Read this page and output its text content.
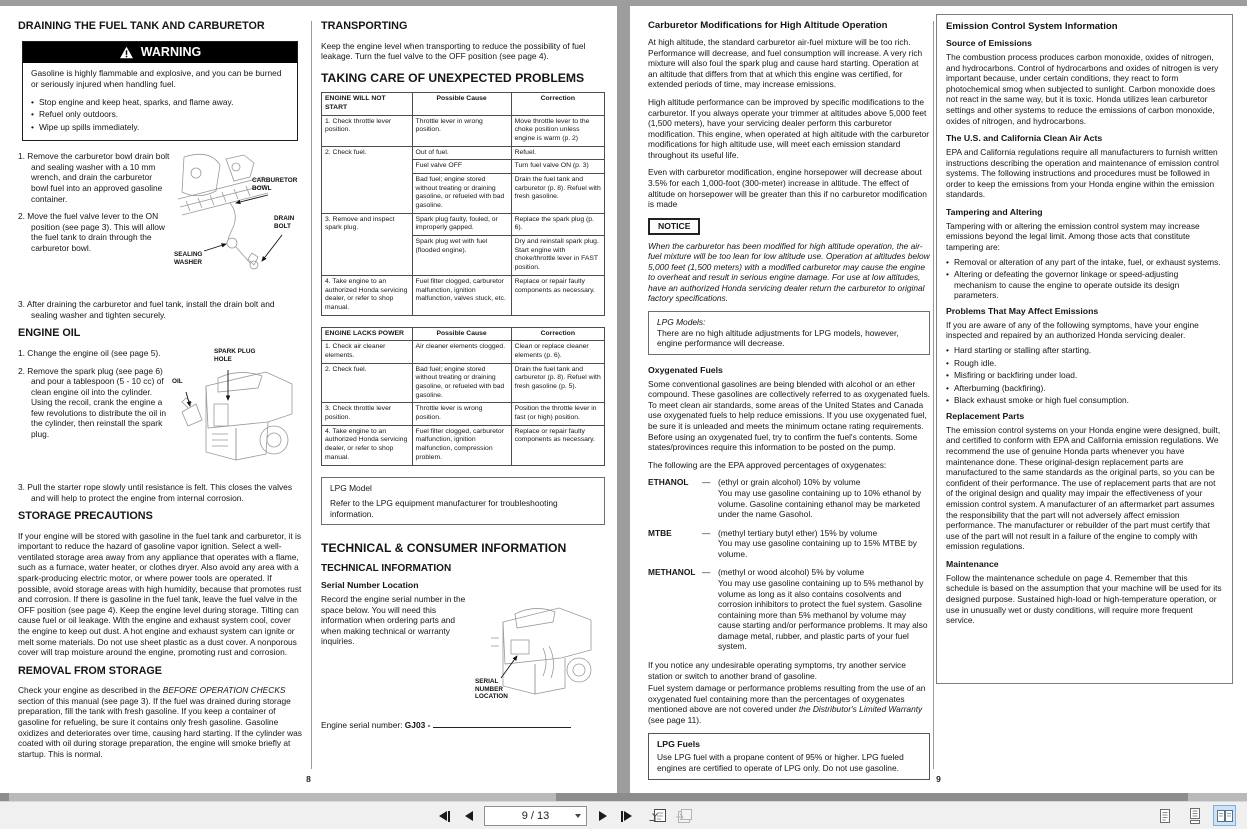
DRAINING THE FUEL TANK AND CARBURETOR
WARNING

Gasoline is highly flammable and explosive, and you can be burned or seriously injured when handling fuel.

• Stop engine and keep heat, sparks, and flame away.
• Refuel only outdoors.
• Wipe up spills immediately.
1. Remove the carburetor bowl drain bolt and sealing washer with a 10 mm wrench, and drain the carburetor bowl fuel into an approved gasoline container.
2. Move the fuel valve lever to the ON position (see page 3). This will allow the fuel tank to drain through the carburetor bowl.
CARBURETOR BOWL
DRAIN BOLT
SEALING WASHER
3. After draining the carburetor and fuel tank, install the drain bolt and sealing washer and tighten securely.
ENGINE OIL
1. Change the engine oil (see page 5).
2. Remove the spark plug (see page 6) and pour a tablespoon (5 - 10 cc) of clean engine oil into the cylinder. Using the recoil, crank the engine a few revolutions to distribute the oil in the cylinder, then reinstall the spark plug.
SPARK PLUG HOLE
OIL
3. Pull the starter rope slowly until resistance is felt. This closes the valves and will help to protect the engine from internal corrosion.
STORAGE PRECAUTIONS

If your engine will be stored with gasoline in the fuel tank and carburetor, it is important to reduce the hazard of gasoline vapor ignition. Select a well-ventilated storage area away from any appliance that operates with a flame, such as a furnace, water heater, or clothes dryer. Also avoid any area with a spark-producing electric motor, or where power tools are operated. If possible, avoid storage areas with high humidity, because that promotes rust and corrosion. If there is gasoline in the fuel tank, leave the fuel valve in the OFF position (see page 4). Keep the engine level during storage. Tilting can cause fuel or oil leakage. With the engine and exhaust system cool, cover the engine to keep out dust. A hot engine and exhaust system can ignite or melt some materials. Do not use sheet plastic as a dust cover. A nonporous cover will trap moisture around the engine, promoting rust and corrosion.

REMOVAL FROM STORAGE

Check your engine as described in the BEFORE OPERATION CHECKS section of this manual (see page 3). If the fuel was drained during storage preparation, fill the tank with fresh gasoline. If you keep a container of gasoline for refueling, be sure it contains only fresh gasoline. Gasoline oxidizes and deteriorates over time, causing hard starting. If the cylinder was coated with oil during storage preparation, the engine will smoke briefly at startup. This is normal.

TRANSPORTING

Keep the engine level when transporting to reduce the possibility of fuel leakage. Turn the fuel valve to the OFF position (see page 4).

TAKING CARE OF UNEXPECTED PROBLEMS
ENGINE WILL NOT START	Possible Cause	Correction
1. Check throttle lever position.	Throttle lever in wrong position.	Move throttle lever to the choke position unless engine is warm (p. 2)
2. Check fuel.	Out of fuel.	Refuel.
	Fuel valve OFF	Turn fuel valve ON (p. 3)
	Bad fuel; engine stored without treating or draining gasoline, or refueled with bad gasoline.	Drain the fuel tank and carburetor (p. 8). Refuel with fresh gasoline.
3. Remove and inspect spark plug.	Spark plug faulty, fouled, or improperly gapped.	Replace the spark plug (p. 6).
	Spark plug wet with fuel (flooded engine).	Dry and reinstall spark plug. Start engine with choke/throttle lever in FAST position.
4. Take engine to an authorized Honda servicing dealer, or refer to shop manual.	Fuel filter clogged, carburetor malfunction, ignition malfunction, valves stuck, etc.	Replace or repair faulty components as necessary.
ENGINE LACKS POWER	Possible Cause	Correction
1. Check air cleaner elements.	Air cleaner elements clogged.	Clean or replace cleaner elements (p. 6).
2. Check fuel.	Bad fuel; engine stored without treating or draining gasoline, or refueled with bad gasoline.	Drain the fuel tank and carburetor (p. 8). Refuel with fresh gasoline (p. 5).
3. Check throttle lever position.	Throttle lever is wrong position.	Position the throttle lever in fast (or high) position.
4. Take engine to an authorized Honda servicing dealer, or refer to shop manual.	Fuel filter clogged, carburetor malfunction, ignition malfunction, compression problem.	Replace or repair faulty components as necessary.
LPG Model
Refer to the LPG equipment manufacturer for troubleshooting information.
TECHNICAL & CONSUMER INFORMATION
TECHNICAL INFORMATION
Serial Number Location

Record the engine serial number in the space below. You will need this information when ordering parts and when making technical or warranty inquiries.

SERIAL NUMBER LOCATION
Engine serial number: GJ03 -
8
Carburetor Modifications for High Altitude Operation

At high altitude, the standard carburetor air-fuel mixture will be too rich. Performance will decrease, and fuel consumption will increase. A very rich mixture will also foul the spark plug and cause hard starting. Operation at an altitude that differs from that at which this engine was certified, for extended periods of time, may increase emissions.

High altitude performance can be improved by specific modifications to the carburetor. If you always operate your trimmer at altitudes above 5,000 feet (1,500 meters), have your servicing dealer perform this carburetor modification. This engine, when operated at high altitude with the carburetor modifications for high altitude use, will meet each emission standard throughout its useful life.

Even with carburetor modification, engine horsepower will decrease about 3.5% for each 1,000-foot (300-meter) increase in altitude. The effect of altitude on horsepower will be greater than this if no carburetor modification is made

NOTICE

When the carburetor has been modified for high altitude operation, the air-fuel mixture will be too lean for low altitude use. Operation at altitudes below 5,000 feet (1,500 meters) with a modified carburetor may cause the engine to overheat and result in serious engine damage. For use at low altitudes, have an authorized Honda servicing dealer return the carburetor to original factory specifications.

LPG Models:
There are no high altitude adjustments for LPG models, however, engine performance will decrease.
Oxygenated Fuels

Some conventional gasolines are being blended with alcohol or an ether compound. These gasolines are collectively referred to as oxygenated fuels. To meet clean air standards, some areas of the United States and Canada use oxygenated fuels to help reduce emissions. If you use oxygenated fuel, be sure it is unleaded and meets the minimum octane rating requirements. Before using an oxygenated fuel, try to confirm the fuel's contents. Some states/provinces require this information to be posted on the pump.

The following are the EPA approved percentages of oxygenates:

ETHANOL	— (ethyl or grain alcohol) 10% by volume
You may use gasoline containing up to 10% ethanol by volume. Gasoline containing ethanol may be marketed under the name Gasohol.
MTBE	— (methyl tertiary butyl ether) 15% by volume
You may use gasoline containing up to 15% MTBE by volume.
METHANOL — (methyl or wood alcohol) 5% by volume
You may use gasoline containing up to 5% methanol by volume as long as it also contains cosolvents and corrosion inhibitors to protect the fuel system. Gasoline containing more than 5% methanol by volume may cause starting and/or performance problems. It may also damage metal, rubber, and plastic parts of your fuel system.

If you notice any undesirable operating symptoms, try another service station or switch to another brand of gasoline.

Fuel system damage or performance problems resulting from the use of an oxygenated fuel containing more than the percentages of oxygenates mentioned above are not covered under the Distributor's Limited Warranty (see page 11).

LPG Fuels
Use LPG fuel with a propane content of 95% or higher. LPG fueled engines are certified to operate of LPG only. Do not use gasoline.
Emission Control System Information
Source of Emissions

The combustion process produces carbon monoxide, oxides of nitrogen, and hydrocarbons. Control of hydrocarbons and oxides of nitrogen is very important because, under certain conditions, they react to form photochemical smog when subjected to sunlight. Carbon monoxide does not react in the same way, but it is toxic. Honda utilizes lean carburetor settings and other systems to reduce the emissions of carbon monoxide, oxides of nitrogen, and hydrocarbons.

The U.S. and California Clean Air Acts

EPA and California regulations require all manufacturers to furnish written instructions describing the operation and maintenance of emission control systems. The following instructions and procedures must be followed in order to keep the emissions from your Honda engine within the emission standards.

Tampering and Altering

Tampering with or altering the emission control system may increase emissions beyond the legal limit. Among those acts that constitute tampering are:

• Removal or alteration of any part of the intake, fuel, or exhaust systems.
• Altering or defeating the governor linkage or speed-adjusting mechanism to cause the engine to operate outside its design parameters.
Problems That May Affect Emissions

If you are aware of any of the following symptoms, have your engine inspected and repaired by an authorized Honda servicing dealer.

• Hard starting or stalling after starting.
• Rough idle.
• Misfiring or backfiring under load.
• Afterburning (backfiring).
• Black exhaust smoke or high fuel consumption.
Replacement Parts

The emission control systems on your Honda engine were designed, built, and certified to conform with EPA and California emission regulations. We recommend the use of genuine Honda parts whenever you have maintenance done. These original-design replacement parts are manufactured to the same standards as the original parts, so you can be confident of their performance. The use of replacement parts that are not of the original design and quality may impair the effectiveness of your emission control system. A manufacturer of an aftermarket part assumes the responsibility that the part will not adversely affect emission performance. The manufacturer or rebuilder of the part must certify that use of the part will not result in a failure of the engine to comply with emission regulations.

Maintenance

Follow the maintenance schedule on page 4. Remember that this schedule is based on the assumption that your machine will be used for its designed purpose. Sustained high-load or high-temperature operation, or use in unusually wet or dusty conditions, will require more frequent service.

9
9 / 13
